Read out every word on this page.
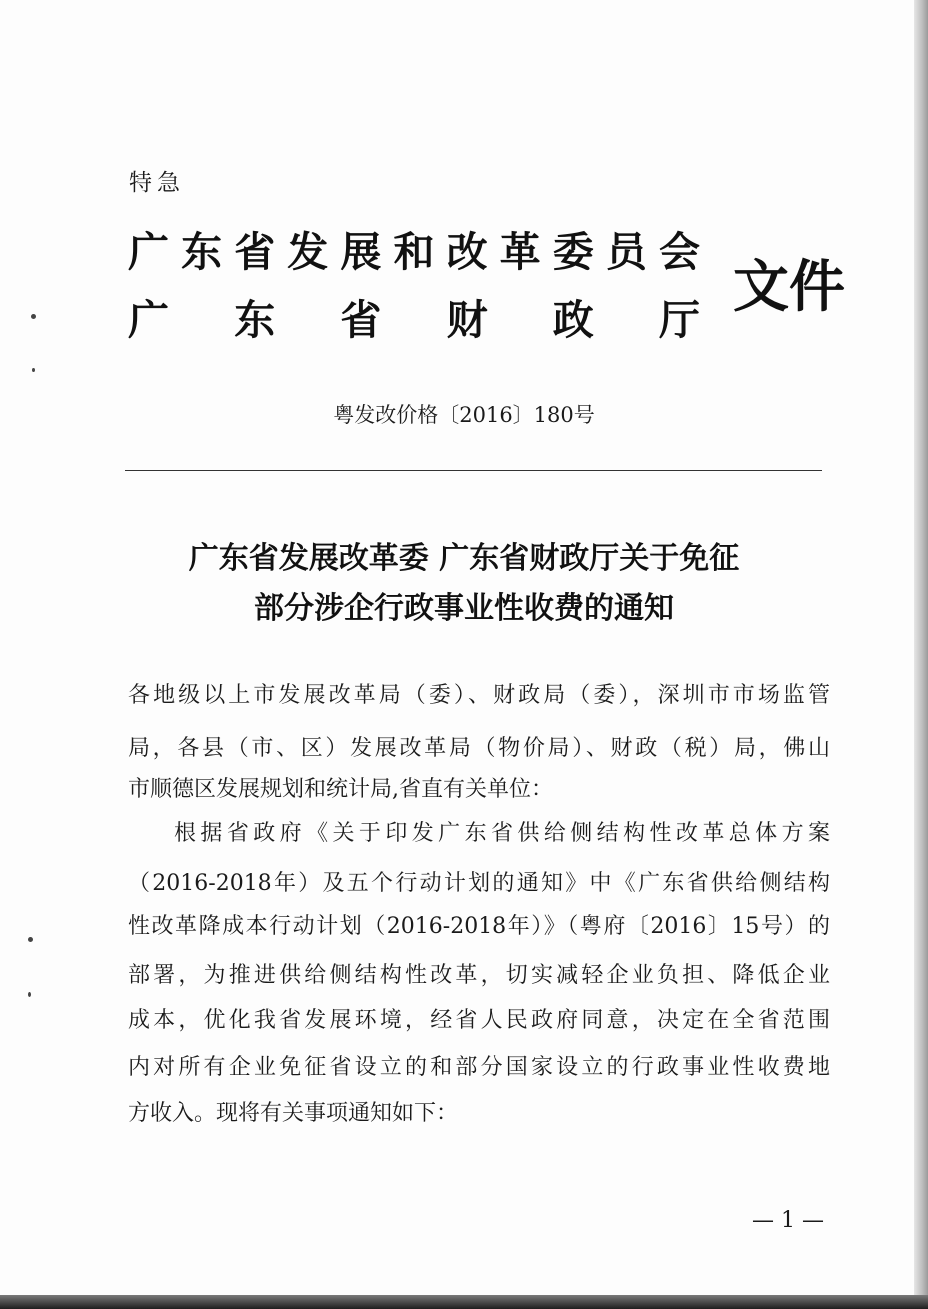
特急
广 东 省 发 展 和 改 革 委 员 会
广 东 省 财 政 厅 文件
粤发改价格〔2016〕180号
广东省发展改革委 广东省财政厅关于免征
部分涉企行政事业性收费的通知
各地级以上市发展改革局（委）、财政局（委），深圳市市场监管
局，各县（市、区）发展改革局（物价局）、财政（税）局，佛山
市顺德区发展规划和统计局,省直有关单位：
根据省政府《关于印发广东省供给侧结构性改革总体方案
（2016-2018年）及五个行动计划的通知》中《广东省供给侧结构
性改革降成本行动计划（2016-2018年）》（粤府〔2016〕15号）的
部署，为推进供给侧结构性改革，切实减轻企业负担、降低企业
成本，优化我省发展环境，经省人民政府同意，决定在全省范围
内对所有企业免征省设立的和部分国家设立的行政事业性收费地
方收入。现将有关事项通知如下：
— 1 —
